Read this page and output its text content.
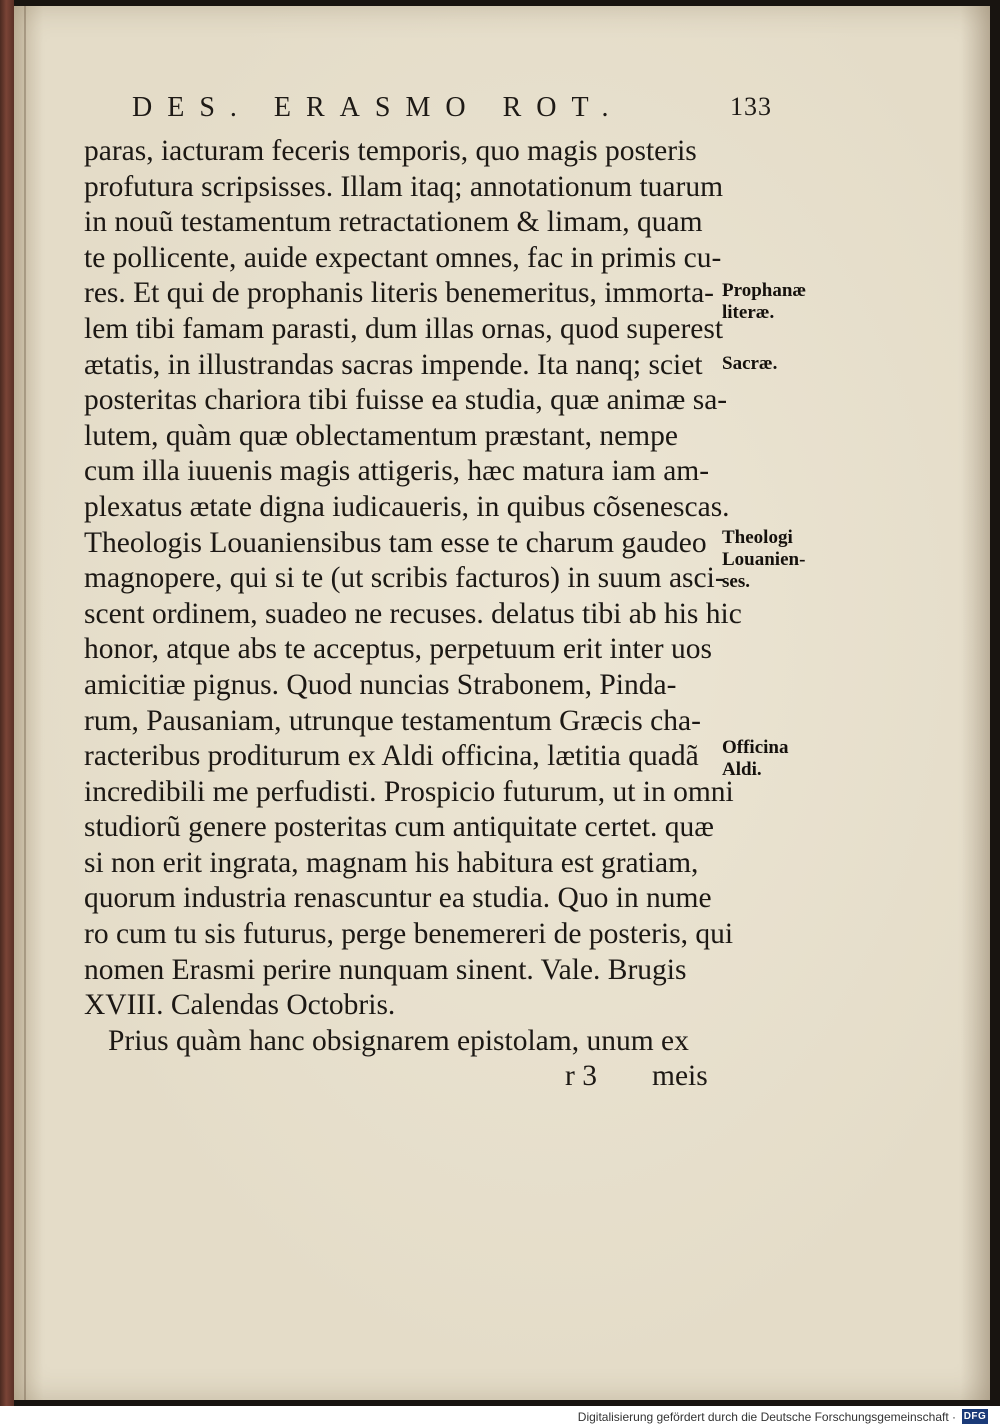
DES. ERASMO ROT.	133
paras, iacturam feceris temporis, quo magis posteris
profutura scripsisses. Illam itaq; annotationum tuarum
in nouũ testamentum retractationem & limam, quam
te pollicente, auide expectant omnes, fac in primis cu-
res. Et qui de prophanis literis benemeritus, immorta-
lem tibi famam parasti, dum illas ornas, quod superest
ætatis, in illustrandas sacras impende. Ita nanq; sciet
posteritas chariora tibi fuisse ea studia, quæ animæ sa-
lutem, quàm quæ oblectamentum præstant, nempe
cum illa iuuenis magis attigeris, hæc matura iam am-
plexatus ætate digna iudicaueris, in quibus cõsenescas.
Theologis Louaniensibus tam esse te charum gaudeo
magnopere, qui si te (ut scribis facturos) in suum asci-
scent ordinem, suadeo ne recuses. delatus tibi ab his hic
honor, atque abs te acceptus, perpetuum erit inter uos
amicitiæ pignus. Quod nuncias Strabonem, Pinda-
rum, Pausaniam, utrunque testamentum Græcis cha-
racteribus proditurum ex Aldi officina, lætitia quadã
incredibili me perfudisti. Prospicio futurum, ut in omni
studiorũ genere posteritas cum antiquitate certet. quæ
si non erit ingrata, magnam his habitura est gratiam,
quorum industria renascuntur ea studia. Quo in nume
ro cum tu sis futurus, perge benemereri de posteris, qui
nomen Erasmi perire nunquam sinent. Vale. Brugis
XVIII. Calendas Octobris.
Prius quàm hanc obsignarem epistolam, unum ex
r 3 meis
Prophanæ
literæ.
Sacræ.
Theologi
Louanien-
ses.
Officina
Aldi.
Digitalisierung gefördert durch die Deutsche Forschungsgemeinschaft · DFG
